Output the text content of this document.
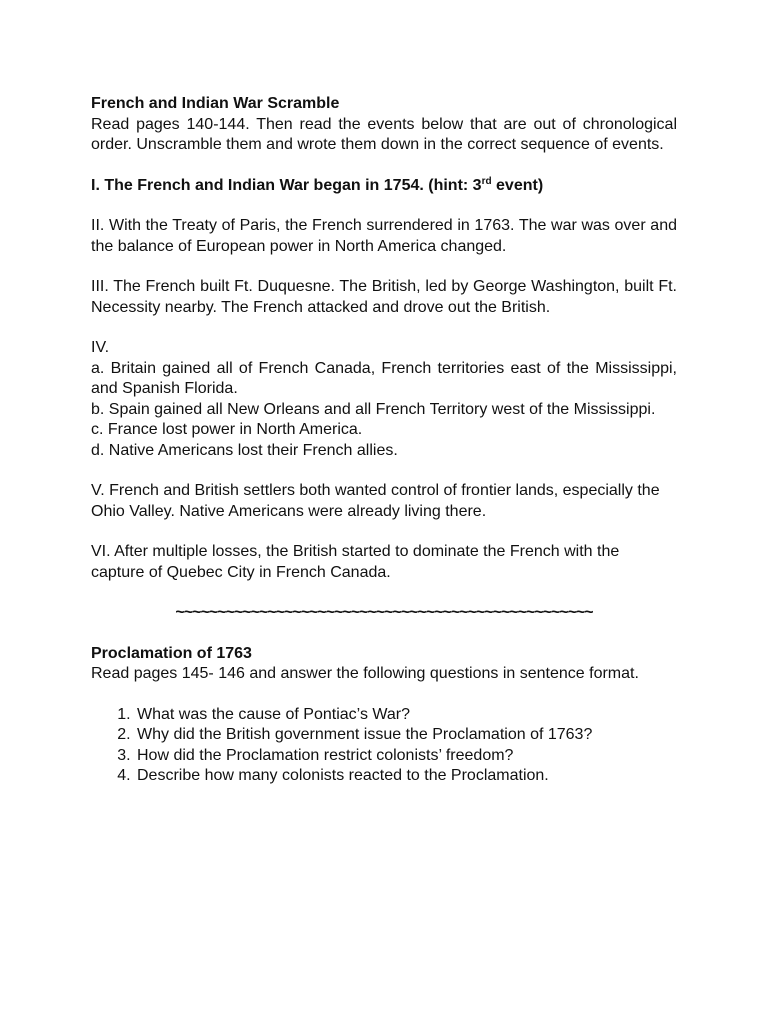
French and Indian War Scramble

Read pages 140-144. Then read the events below that are out of chronological order. Unscramble them and wrote them down in the correct sequence of events.

I. The French and Indian War began in 1754. (hint: 3rd event)

II. With the Treaty of Paris, the French surrendered in 1763. The war was over and the balance of European power in North America changed.

III. The French built Ft. Duquesne. The British, led by George Washington, built Ft. Necessity nearby. The French attacked and drove out the British.

IV.

a. Britain gained all of French Canada, French territories east of the Mississippi, and Spanish Florida.

b. Spain gained all New Orleans and all French Territory west of the Mississippi.

c. France lost power in North America.

d. Native Americans lost their French allies.

V. French and British settlers both wanted control of frontier lands, especially the Ohio Valley. Native Americans were already living there.

VI. After multiple losses, the British started to dominate the French with the capture of Quebec City in French Canada.

~~~~~~~~~~~~~~~~~~~~~~~~~~~~~~~~~~~~~~~~~~~~~~~~~~

Proclamation of 1763

Read pages 145- 146 and answer the following questions in sentence format.

1. What was the cause of Pontiac’s War?
2. Why did the British government issue the Proclamation of 1763?
3. How did the Proclamation restrict colonists’ freedom?
4. Describe how many colonists reacted to the Proclamation.
